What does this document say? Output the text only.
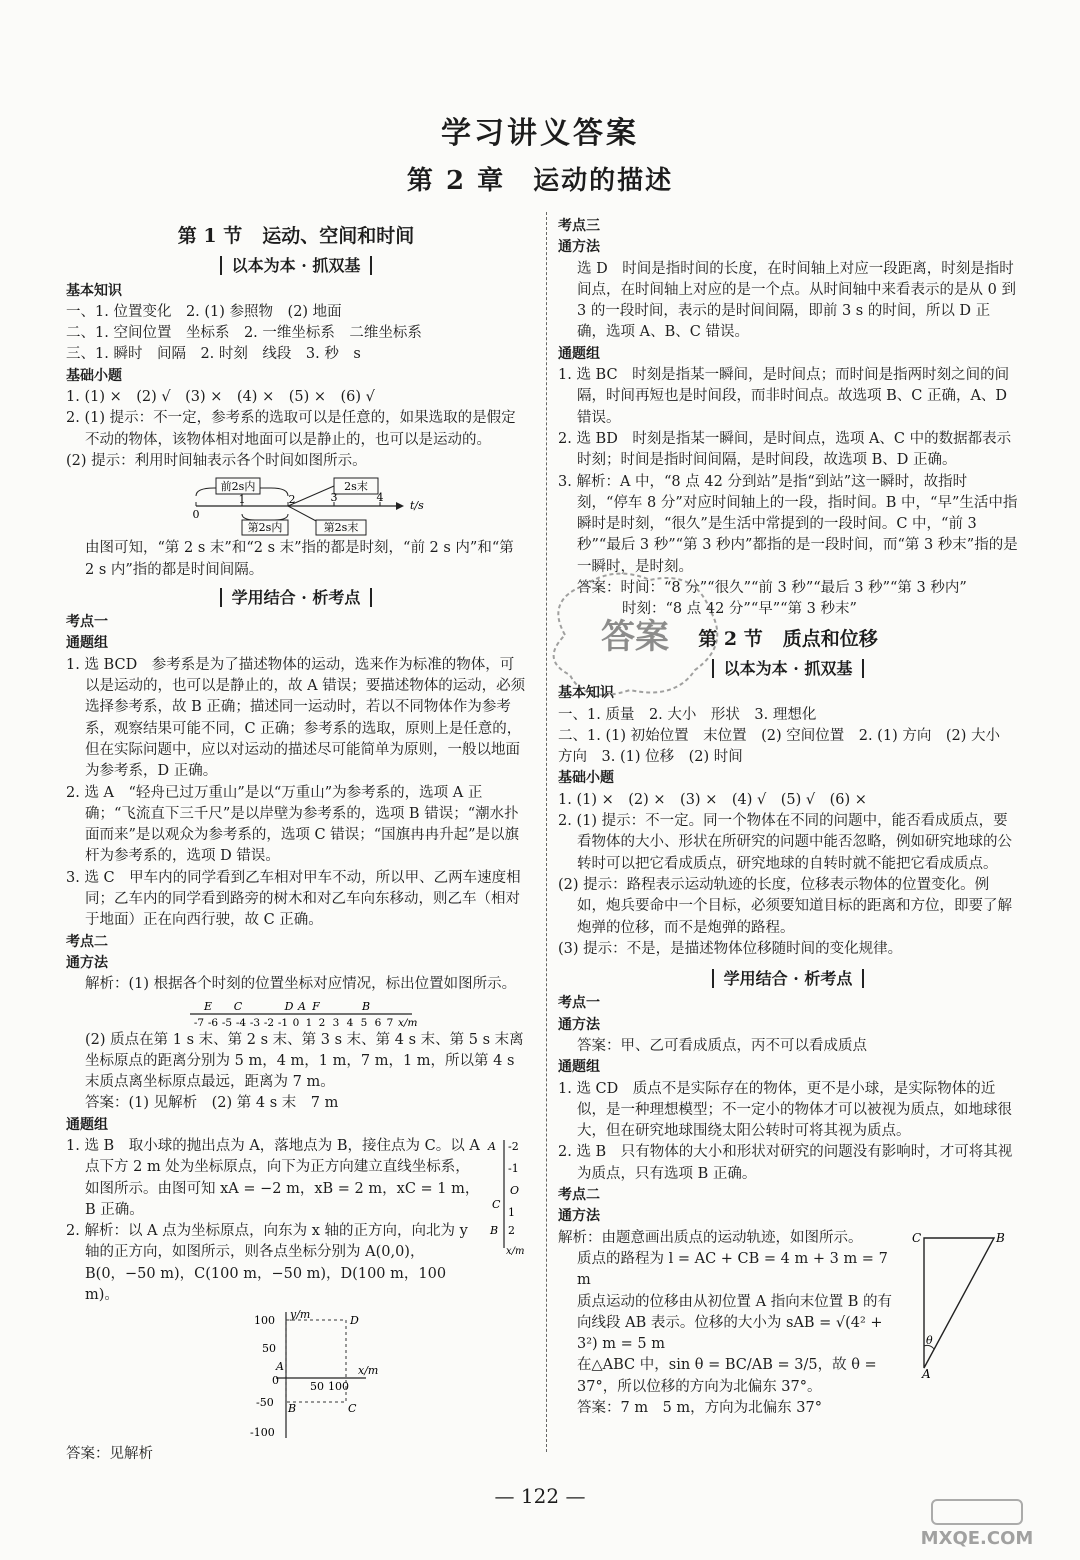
学习讲义答案
第 2 章 运动的描述
第 1 节 运动、空间和时间
以本为本 · 抓双基

基本知识

一、1. 位置变化　2. (1) 参照物　(2) 地面

二、1. 空间位置　坐标系　2. 一维坐标系　二维坐标系

三、1. 瞬时　间隔　2. 时刻　线段　3. 秒　s

基础小题

1. (1) ×　(2) √　(3) ×　(4) ×　(5) ×　(6) √

2. (1) 提示：不一定，参考系的选取可以是任意的，如果选取的是假定不动的物体，该物体相对地面可以是静止的，也可以是运动的。

(2) 提示：利用时间轴表示各个时间如图所示。

前2s内	2s末
第2s内	第2s末
0
1	2	3	4
t/s

由图可知，“第 2 s 末”和“2 s 末”指的都是时刻，“前 2 s 内”和“第 2 s 内”指的都是时间间隔。

学用结合 · 析考点

考点一

通题组

1. 选 BCD　参考系是为了描述物体的运动，选来作为标准的物体，可以是运动的，也可以是静止的，故 A 错误；要描述物体的运动，必须选择参考系，故 B 正确；描述同一运动时，若以不同物体作为参考系，观察结果可能不同，C 正确；参考系的选取，原则上是任意的，但在实际问题中，应以对运动的描述尽可能简单为原则，一般以地面为参考系，D 正确。

2. 选 A　“轻舟已过万重山”是以“万重山”为参考系的，选项 A 正确；“飞流直下三千尺”是以岸壁为参考系的，选项 B 错误；“潮水扑面而来”是以观众为参考系的，选项 C 错误；“国旗冉冉升起”是以旗杆为参考系的，选项 D 错误。

3. 选 C　甲车内的同学看到乙车相对甲车不动，所以甲、乙两车速度相同；乙车内的同学看到路旁的树木和对乙车向东移动，则乙车（相对于地面）正在向西行驶，故 C 正确。

考点二

通方法

解析：(1) 根据各个时刻的位置坐标对应情况，标出位置如图所示。

E C	D A F	B
-7 -6 -5 -4 -3 -2 -1 0 1 2 3 4 5 6 7 x/m

(2) 质点在第 1 s 末、第 2 s 末、第 3 s 末、第 4 s 末、第 5 s 末离坐标原点的距离分别为 5 m，4 m，1 m，7 m，1 m，所以第 4 s 末质点离坐标原点最远，距离为 7 m。

答案：(1) 见解析　(2) 第 4 s 末　7 m

通题组

1. 选 B　取小球的抛出点为 A，落地点为 B，接住点为 C。以 A 点下方 2 m 处为坐标原点，向下为正方向建立直线坐标系，如图所示。由图可知 xA = −2 m，xB = 2 m，xC = 1 m，B 正确。

A
C
B
-2
-1
O
1
2
x/m

2. 解析：以 A 点为坐标原点，向东为 x 轴的正方向，向北为 y 轴的正方向，如图所示，则各点坐标分别为 A(0,0)，B(0，−50 m)，C(100 m，−50 m)，D(100 m，100 m)。

y/m
x/m
100
50
0
-50
-100
50 100
A
B	C
D

答案：见解析

考点三

通方法

选 D　时间是指时间的长度，在时间轴上对应一段距离，时刻是指时间点，在时间轴上对应的是一个点。从时间轴中来看表示的是从 0 到 3 的一段时间，表示的是时间间隔，即前 3 s 的时间，所以 D 正确，选项 A、B、C 错误。

通题组

1. 选 BC　时刻是指某一瞬间，是时间点；而时间是指两时刻之间的间隔，时间再短也是时间段，而非时间点。故选项 B、C 正确，A、D 错误。

2. 选 BD　时刻是指某一瞬间，是时间点，选项 A、C 中的数据都表示时刻；时间是指时间间隔，是时间段，故选项 B、D 正确。

3. 解析：A 中，“8 点 42 分到站”是指“到站”这一瞬时，故指时刻，“停车 8 分”对应时间轴上的一段，指时间。B 中，“早”生活中指瞬时是时刻，“很久”是生活中常提到的一段时间。C 中，“前 3 秒”“最后 3 秒”“第 3 秒内”都指的是一段时间，而“第 3 秒末”指的是一瞬时，是时刻。

答案：时间：“8 分”“很久”“前 3 秒”“最后 3 秒”“第 3 秒内”

时刻：“8 点 42 分”“早”“第 3 秒末”

第 2 节 质点和位移
以本为本 · 抓双基

基本知识

一、1. 质量　2. 大小　形状　3. 理想化

二、1. (1) 初始位置　末位置　(2) 空间位置　2. (1) 方向　(2) 大小

方向　3. (1) 位移　(2) 时间

基础小题

1. (1) ×　(2) ×　(3) ×　(4) √　(5) √　(6) ×

2. (1) 提示：不一定。同一个物体在不同的问题中，能否看成质点，要看物体的大小、形状在所研究的问题中能否忽略，例如研究地球的公转时可以把它看成质点，研究地球的自转时就不能把它看成质点。

(2) 提示：路程表示运动轨迹的长度，位移表示物体的位置变化。例如，炮兵要命中一个目标，必须要知道目标的距离和方位，即要了解炮弹的位移，而不是炮弹的路程。

(3) 提示：不是，是描述物体位移随时间的变化规律。

学用结合 · 析考点

考点一

通方法

答案：甲、乙可看成质点，丙不可以看成质点

通题组

1. 选 CD　质点不是实际存在的物体，更不是小球，是实际物体的近似，是一种理想模型；不一定小的物体才可以被视为质点，如地球很大，但在研究地球围绕太阳公转时可将其视为质点。

2. 选 B　只有物体的大小和形状对研究的问题没有影响时，才可将其视为质点，只有选项 B 正确。

考点二

通方法

解析：由题意画出质点的运动轨迹，如图所示。

质点的路程为 l = AC + CB = 4 m + 3 m = 7 m

质点运动的位移由从初位置 A 指向末位置 B 的有向线段 AB 表示。位移的大小为 sAB = √(4² + 3²) m = 5 m

在△ABC 中，sin θ = BC/AB = 3/5，故 θ = 37°，所以位移的方向为北偏东 37°。

C	B
θ
A

答案：7 m　5 m，方向为北偏东 37°

答案
— 122 —
MXQE.COM
